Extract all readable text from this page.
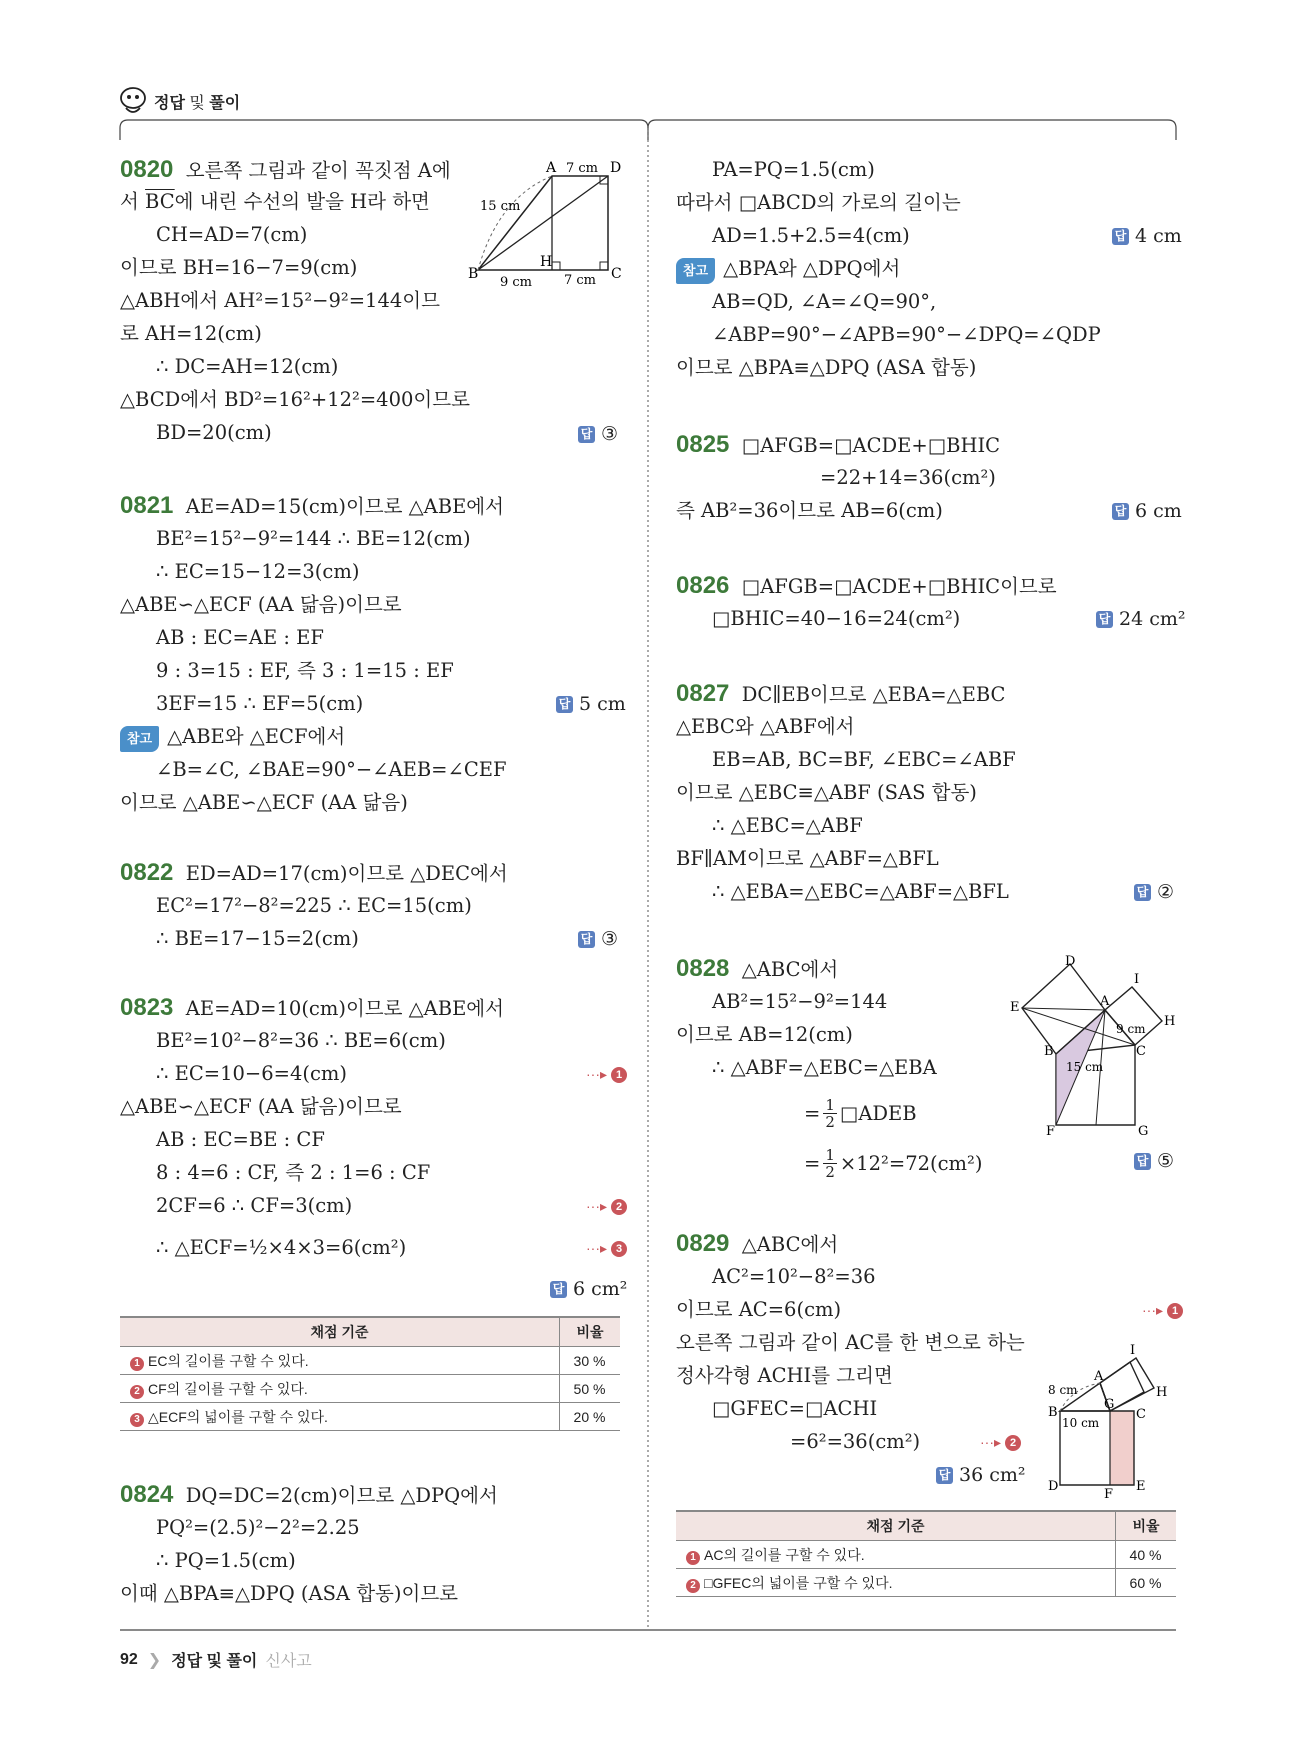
정답 및 풀이
0820 오른쪽 그림과 같이 꼭짓점 A에
서 $\overline{BC}$에 내린 수선의 발을 H라 하면
CH=AD=7(cm)
이므로 BH=16−7=9(cm)
△ABH에서 AH²=15²−9²=144이므
로 AH=12(cm)
∴ DC=AH=12(cm)
△BCD에서 BD²=16²+12²=400이므로
BD=20(cm)	답 ③
A	D
B	C
H
7 cm
15 cm
9 cm 7 cm
0821 AE=AD=15(cm)이므로 △ABE에서
BE²=15²−9²=144 ∴ BE=12(cm)
∴ EC=15−12=3(cm)
△ABE∽△ECF (AA 닮음)이므로
AB : EC=AE : EF
9 : 3=15 : EF, 즉 3 : 1=15 : EF
3EF=15 ∴ EF=5(cm)	답 5 cm
참고 △ABE와 △ECF에서
∠B=∠C, ∠BAE=90°−∠AEB=∠CEF
이므로 △ABE∽△ECF (AA 닮음)
0822 ED=AD=17(cm)이므로 △DEC에서
EC²=17²−8²=225 ∴ EC=15(cm)
∴ BE=17−15=2(cm)	답 ③
0823 AE=AD=10(cm)이므로 △ABE에서
BE²=10²−8²=36 ∴ BE=6(cm)
∴ EC=10−6=4(cm)	···▸ 1
△ABE∽△ECF (AA 닮음)이므로
AB : EC=BE : CF
8 : 4=6 : CF, 즉 2 : 1=6 : CF
2CF=6 ∴ CF=3(cm)	···▸ 2
∴ △ECF=½×4×3=6(cm²)	···▸ 3
답 6 cm²
채점 기준	비율
1 EC의 길이를 구할 수 있다.	30 %
2 CF의 길이를 구할 수 있다.	50 %
3 △ECF의 넓이를 구할 수 있다.	20 %
0824 DQ=DC=2(cm)이므로 △DPQ에서
PQ²=(2.5)²−2²=2.25
∴ PQ=1.5(cm)
이때 △BPA≡△DPQ (ASA 합동)이므로
PA=PQ=1.5(cm)
따라서 □ABCD의 가로의 길이는
AD=1.5+2.5=4(cm)	답 4 cm
참고 △BPA와 △DPQ에서
AB=QD, ∠A=∠Q=90°,
∠ABP=90°−∠APB=90°−∠DPQ=∠QDP
이므로 △BPA≡△DPQ (ASA 합동)
0825 □AFGB=□ACDE+□BHIC
=22+14=36(cm²)
즉 AB²=36이므로 AB=6(cm)	답 6 cm
0826 □AFGB=□ACDE+□BHIC이므로
□BHIC=40−16=24(cm²)	답 24 cm²
0827 DC∥EB이므로 △EBA=△EBC
△EBC와 △ABF에서
EB=AB, BC=BF, ∠EBC=∠ABF
이므로 △EBC≡△ABF (SAS 합동)
∴ △EBC=△ABF
BF∥AM이므로 △ABF=△BFL
∴ △EBA=△EBC=△ABF=△BFL	답 ②
0828 △ABC에서
AB²=15²−9²=144
이므로 AB=12(cm)
∴ △ABF=△EBC=△EBA
= $\frac{1}{2}$ □ADEB
= $\frac{1}{2} \times 12^2=72(cm^2)$	답 ⑤
D
I
E	A
H
B	C
F	G
9 cm
15 cm
0829 △ABC에서
AC²=10²−8²=36
이므로 AC=6(cm)	···▸ 1
오른쪽 그림과 같이 AC를 한 변으로 하는
정사각형 ACHI를 그리면
□GFEC=□ACHI
=6²=36(cm²)	···▸ 2
답 36 cm²
I
A
H
B
G
C
D
F
E
8 cm
10 cm
채점 기준	비율
1 AC의 길이를 구할 수 있다.	40 %
2 □GFEC의 넓이를 구할 수 있다.	60 %
92 ❯ 정답 및 풀이 신사고
